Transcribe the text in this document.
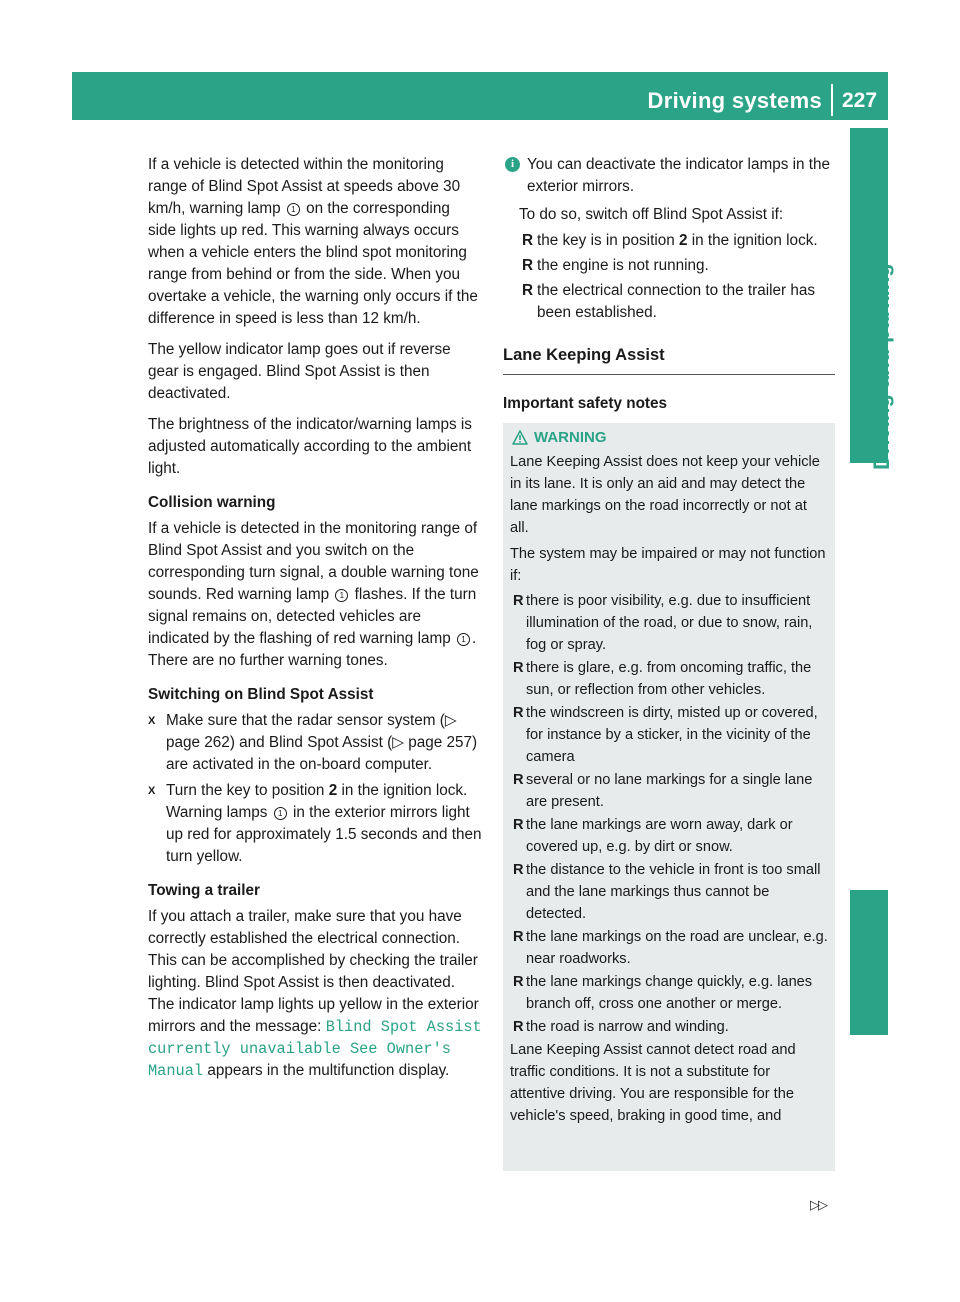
Driving systems 227
Driving and parking

If a vehicle is detected within the monitoring range of Blind Spot Assist at speeds above 30 km/h, warning lamp 1 on the corresponding side lights up red. This warning always occurs when a vehicle enters the blind spot monitoring range from behind or from the side. When you overtake a vehicle, the warning only occurs if the difference in speed is less than 12 km/h.

The yellow indicator lamp goes out if reverse gear is engaged. Blind Spot Assist is then deactivated.

The brightness of the indicator/warning lamps is adjusted automatically according to the ambient light.

Collision warning

If a vehicle is detected in the monitoring range of Blind Spot Assist and you switch on the corresponding turn signal, a double warning tone sounds. Red warning lamp 1 flashes. If the turn signal remains on, detected vehicles are indicated by the flashing of red warning lamp 1 . There are no further warning tones.

Switching on Blind Spot Assist
X Make sure that the radar sensor system (▷ page 262) and Blind Spot Assist (▷ page 257) are activated in the on-board computer.
X Turn the key to position 2 in the ignition lock.
Warning lamps 1 in the exterior mirrors light up red for approximately 1.5 seconds and then turn yellow.
Towing a trailer

If you attach a trailer, make sure that you have correctly established the electrical connection. This can be accomplished by checking the trailer lighting. Blind Spot Assist is then deactivated. The indicator lamp lights up yellow in the exterior mirrors and the message: Blind Spot Assist currently unavailable See Owner's Manual appears in the multifunction display.

i You can deactivate the indicator lamps in the exterior mirrors.

To do so, switch off Blind Spot Assist if:

R the key is in position 2 in the ignition lock.
R the engine is not running.
R the electrical connection to the trailer has been established.
Lane Keeping Assist
Important safety notes
WARNING

Lane Keeping Assist does not keep your vehicle in its lane. It is only an aid and may detect the lane markings on the road incorrectly or not at all.

The system may be impaired or may not function if:

R there is poor visibility, e.g. due to insufficient illumination of the road, or due to snow, rain, fog or spray.
R there is glare, e.g. from oncoming traffic, the sun, or reflection from other vehicles.
R the windscreen is dirty, misted up or covered, for instance by a sticker, in the vicinity of the camera
R several or no lane markings for a single lane are present.
R the lane markings are worn away, dark or covered up, e.g. by dirt or snow.
R the distance to the vehicle in front is too small and the lane markings thus cannot be detected.
R the lane markings on the road are unclear, e.g. near roadworks.
R the lane markings change quickly, e.g. lanes branch off, cross one another or merge.
R the road is narrow and winding.

Lane Keeping Assist cannot detect road and traffic conditions. It is not a substitute for attentive driving. You are responsible for the vehicle's speed, braking in good time, and

▷▷
